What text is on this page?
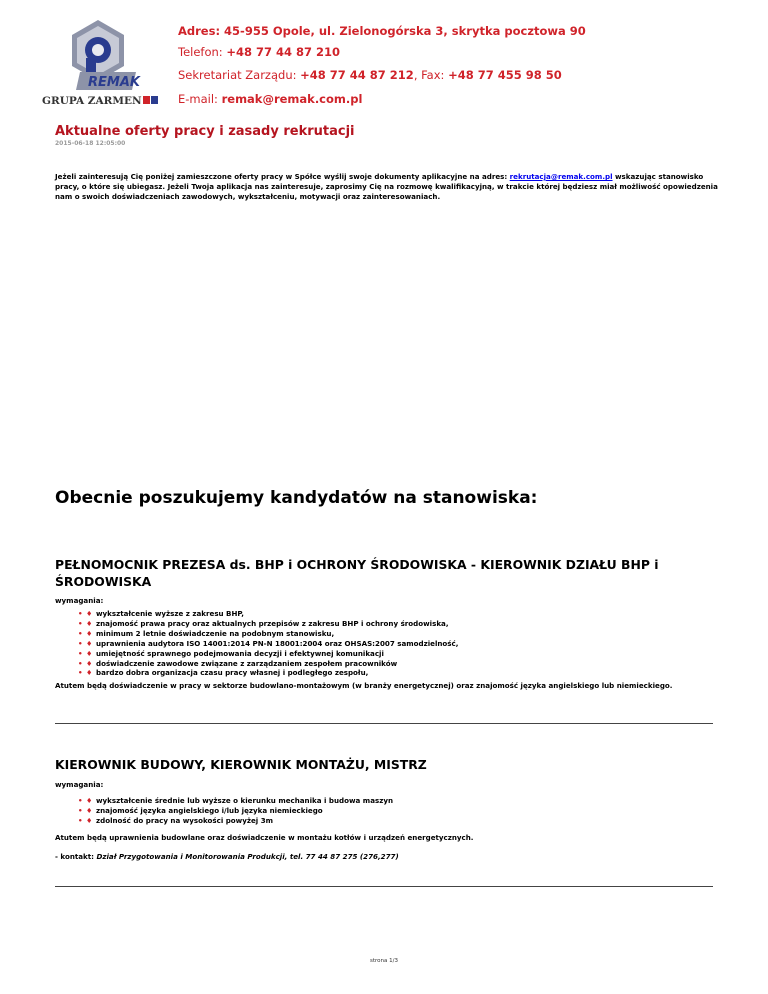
REMAK
GRUPA ZARMEN
Adres: 45-955 Opole, ul. Zielonogórska 3, skrytka pocztowa 90
Telefon: +48 77 44 87 210
Sekretariat Zarządu: +48 77 44 87 212, Fax: +48 77 455 98 50
E-mail: remak@remak.com.pl
Aktualne oferty pracy i zasady rekrutacji
2015-06-18 12:05:00
Jeżeli zainteresują Cię poniżej zamieszczone oferty pracy w Spółce wyślij swoje dokumenty aplikacyjne na adres: rekrutacja@remak.com.pl wskazując stanowisko pracy, o które się ubiegasz. Jeżeli Twoja aplikacja nas zainteresuje, zaprosimy Cię na rozmowę kwalifikacyjną, w trakcie której będziesz miał możliwość opowiedzenia nam o swoich doświadczeniach zawodowych, wykształceniu, motywacji oraz zainteresowaniach.
Obecnie poszukujemy kandydatów na stanowiska:
PEŁNOMOCNIK PREZESA ds. BHP i OCHRONY ŚRODOWISKA - KIEROWNIK DZIAŁU BHP i ŚRODOWISKA
wymagania:
• ♦ wykształcenie wyższe z zakresu BHP,
• ♦ znajomość prawa pracy oraz aktualnych przepisów z zakresu BHP i ochrony środowiska,
• ♦ minimum 2 letnie doświadczenie na podobnym stanowisku,
• ♦ uprawnienia audytora ISO 14001:2014 PN-N 18001:2004 oraz OHSAS:2007 samodzielność,
• ♦ umiejętność sprawnego podejmowania decyzji i efektywnej komunikacji
• ♦ doświadczenie zawodowe związane z zarządzaniem zespołem pracowników
• ♦ bardzo dobra organizacja czasu pracy własnej i podległego zespołu,
Atutem będą doświadczenie w pracy w sektorze budowlano-montażowym (w branży energetycznej) oraz znajomość języka angielskiego lub niemieckiego.
KIEROWNIK BUDOWY, KIEROWNIK MONTAŻU, MISTRZ
wymagania:
• ♦ wykształcenie średnie lub wyższe o kierunku mechanika i budowa maszyn
• ♦ znajomość języka angielskiego i/lub języka niemieckiego
• ♦ zdolność do pracy na wysokości powyżej 3m
Atutem będą uprawnienia budowlane oraz doświadczenie w montażu kotłów i urządzeń energetycznych.
- kontakt: Dział Przygotowania i Monitorowania Produkcji, tel. 77 44 87 275 (276,277)
strona 1/3
